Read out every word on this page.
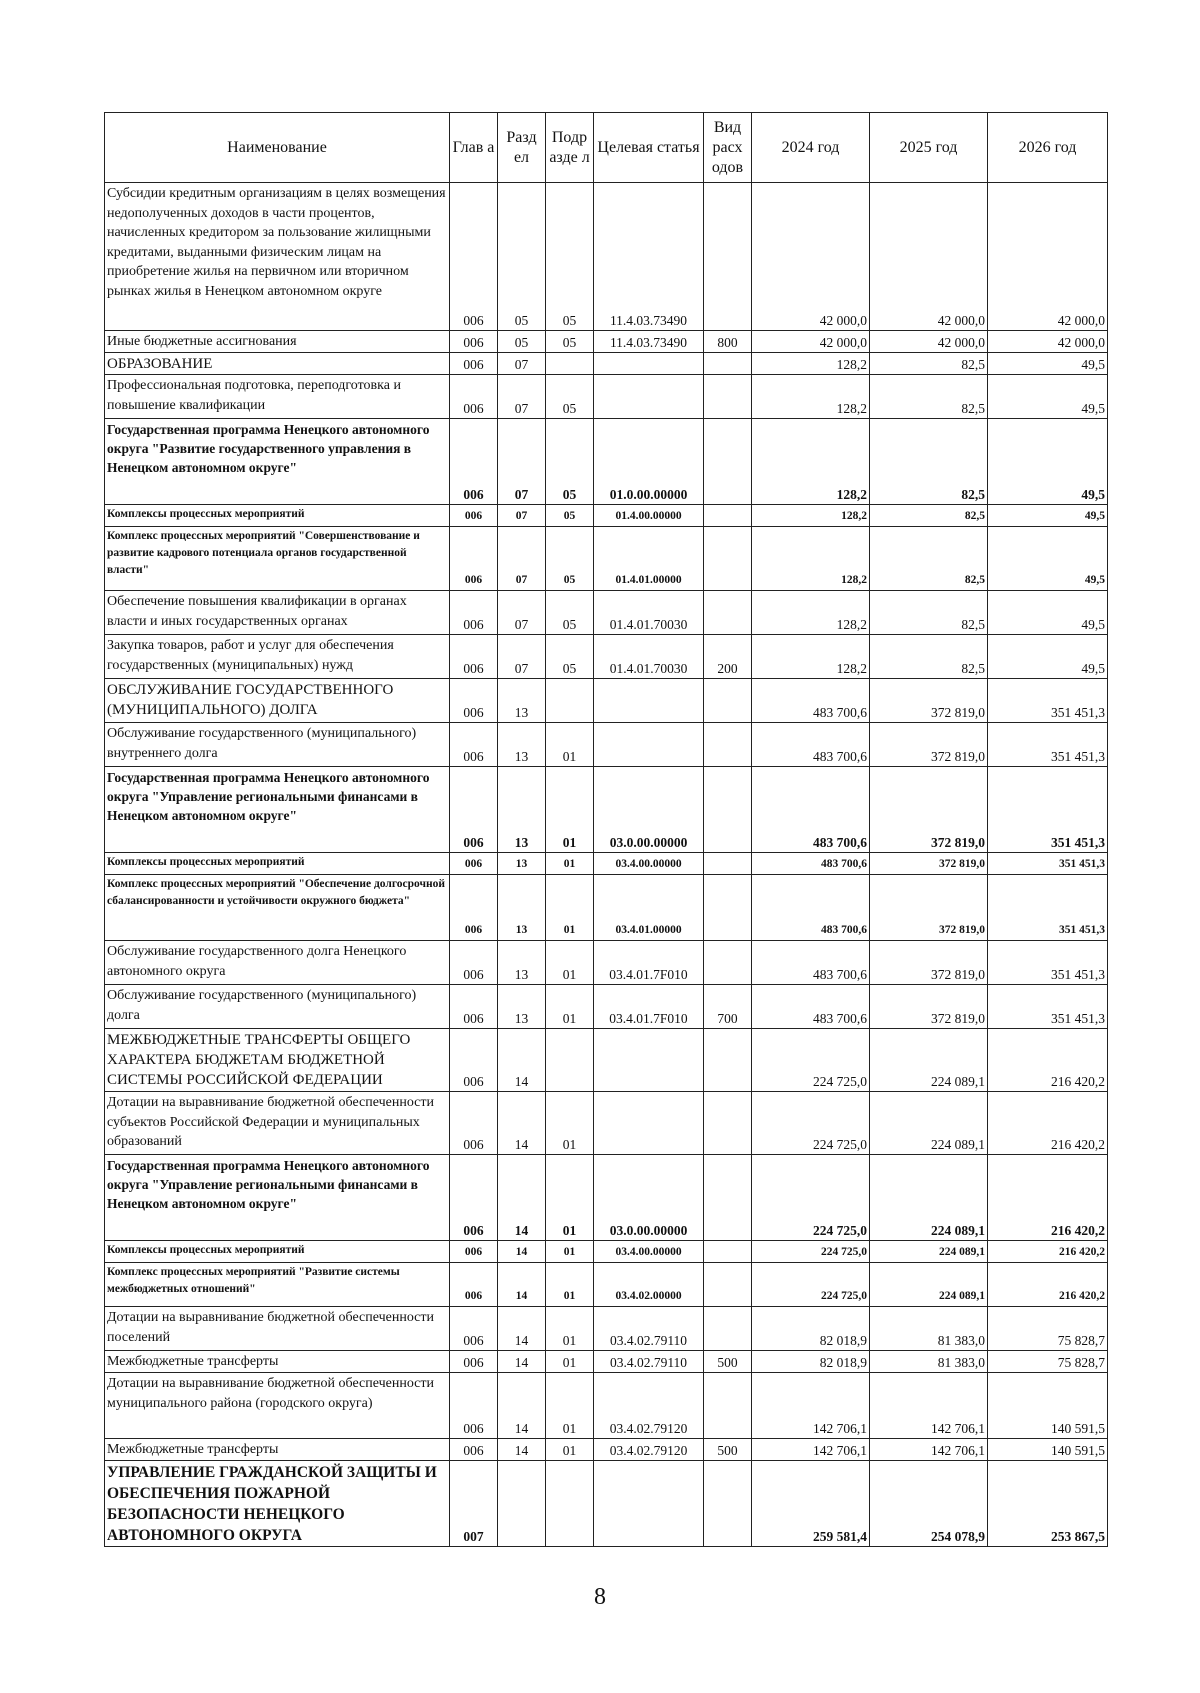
Наименование	Глав а	Разд ел	Подр азде л	Целевая статья	Вид расх одов	2024 год	2025 год	2026 год
Субсидии кредитным организациям в целях возмещения недополученных доходов в части процентов, начисленных кредитором за пользование жилищными кредитами, выданными физическим лицам на приобретение жилья на первичном или вторичном рынках жилья в Ненецком автономном округе	006	05	05	11.4.03.73490		42 000,0	42 000,0	42 000,0
Иные бюджетные ассигнования	006	05	05	11.4.03.73490	800	42 000,0	42 000,0	42 000,0
ОБРАЗОВАНИЕ	006	07				128,2	82,5	49,5
Профессиональная подготовка, переподготовка и повышение квалификации	006	07	05			128,2	82,5	49,5
Государственная программа Ненецкого автономного округа "Развитие государственного управления в Ненецком автономном округе"	006	07	05	01.0.00.00000		128,2	82,5	49,5
Комплексы процессных мероприятий	006	07	05	01.4.00.00000		128,2	82,5	49,5
Комплекс процессных мероприятий "Совершенствование и развитие кадрового потенциала органов государственной власти"	006	07	05	01.4.01.00000		128,2	82,5	49,5
Обеспечение повышения квалификации в органах власти и иных государственных органах	006	07	05	01.4.01.70030		128,2	82,5	49,5
Закупка товаров, работ и услуг для обеспечения государственных (муниципальных) нужд	006	07	05	01.4.01.70030	200	128,2	82,5	49,5
ОБСЛУЖИВАНИЕ ГОСУДАРСТВЕННОГО (МУНИЦИПАЛЬНОГО) ДОЛГА	006	13				483 700,6	372 819,0	351 451,3
Обслуживание государственного (муниципального) внутреннего долга	006	13	01			483 700,6	372 819,0	351 451,3
Государственная программа Ненецкого автономного округа "Управление региональными финансами в Ненецком автономном округе"	006	13	01	03.0.00.00000		483 700,6	372 819,0	351 451,3
Комплексы процессных мероприятий	006	13	01	03.4.00.00000		483 700,6	372 819,0	351 451,3
Комплекс процессных мероприятий "Обеспечение долгосрочной сбалансированности и устойчивости окружного бюджета"	006	13	01	03.4.01.00000		483 700,6	372 819,0	351 451,3
Обслуживание государственного долга Ненецкого автономного округа	006	13	01	03.4.01.7F010		483 700,6	372 819,0	351 451,3
Обслуживание государственного (муниципального) долга	006	13	01	03.4.01.7F010	700	483 700,6	372 819,0	351 451,3
МЕЖБЮДЖЕТНЫЕ ТРАНСФЕРТЫ ОБЩЕГО ХАРАКТЕРА БЮДЖЕТАМ БЮДЖЕТНОЙ СИСТЕМЫ РОССИЙСКОЙ ФЕДЕРАЦИИ	006	14				224 725,0	224 089,1	216 420,2
Дотации на выравнивание бюджетной обеспеченности субъектов Российской Федерации и муниципальных образований	006	14	01			224 725,0	224 089,1	216 420,2
Государственная программа Ненецкого автономного округа "Управление региональными финансами в Ненецком автономном округе"	006	14	01	03.0.00.00000		224 725,0	224 089,1	216 420,2
Комплексы процессных мероприятий	006	14	01	03.4.00.00000		224 725,0	224 089,1	216 420,2
Комплекс процессных мероприятий "Развитие системы межбюджетных отношений"	006	14	01	03.4.02.00000		224 725,0	224 089,1	216 420,2
Дотации на выравнивание бюджетной обеспеченности поселений	006	14	01	03.4.02.79110		82 018,9	81 383,0	75 828,7
Межбюджетные трансферты	006	14	01	03.4.02.79110	500	82 018,9	81 383,0	75 828,7
Дотации на выравнивание бюджетной обеспеченности муниципального района (городского округа)	006	14	01	03.4.02.79120		142 706,1	142 706,1	140 591,5
Межбюджетные трансферты	006	14	01	03.4.02.79120	500	142 706,1	142 706,1	140 591,5
УПРАВЛЕНИЕ ГРАЖДАНСКОЙ ЗАЩИТЫ И ОБЕСПЕЧЕНИЯ ПОЖАРНОЙ БЕЗОПАСНОСТИ НЕНЕЦКОГО АВТОНОМНОГО ОКРУГА	007					259 581,4	254 078,9	253 867,5
8
